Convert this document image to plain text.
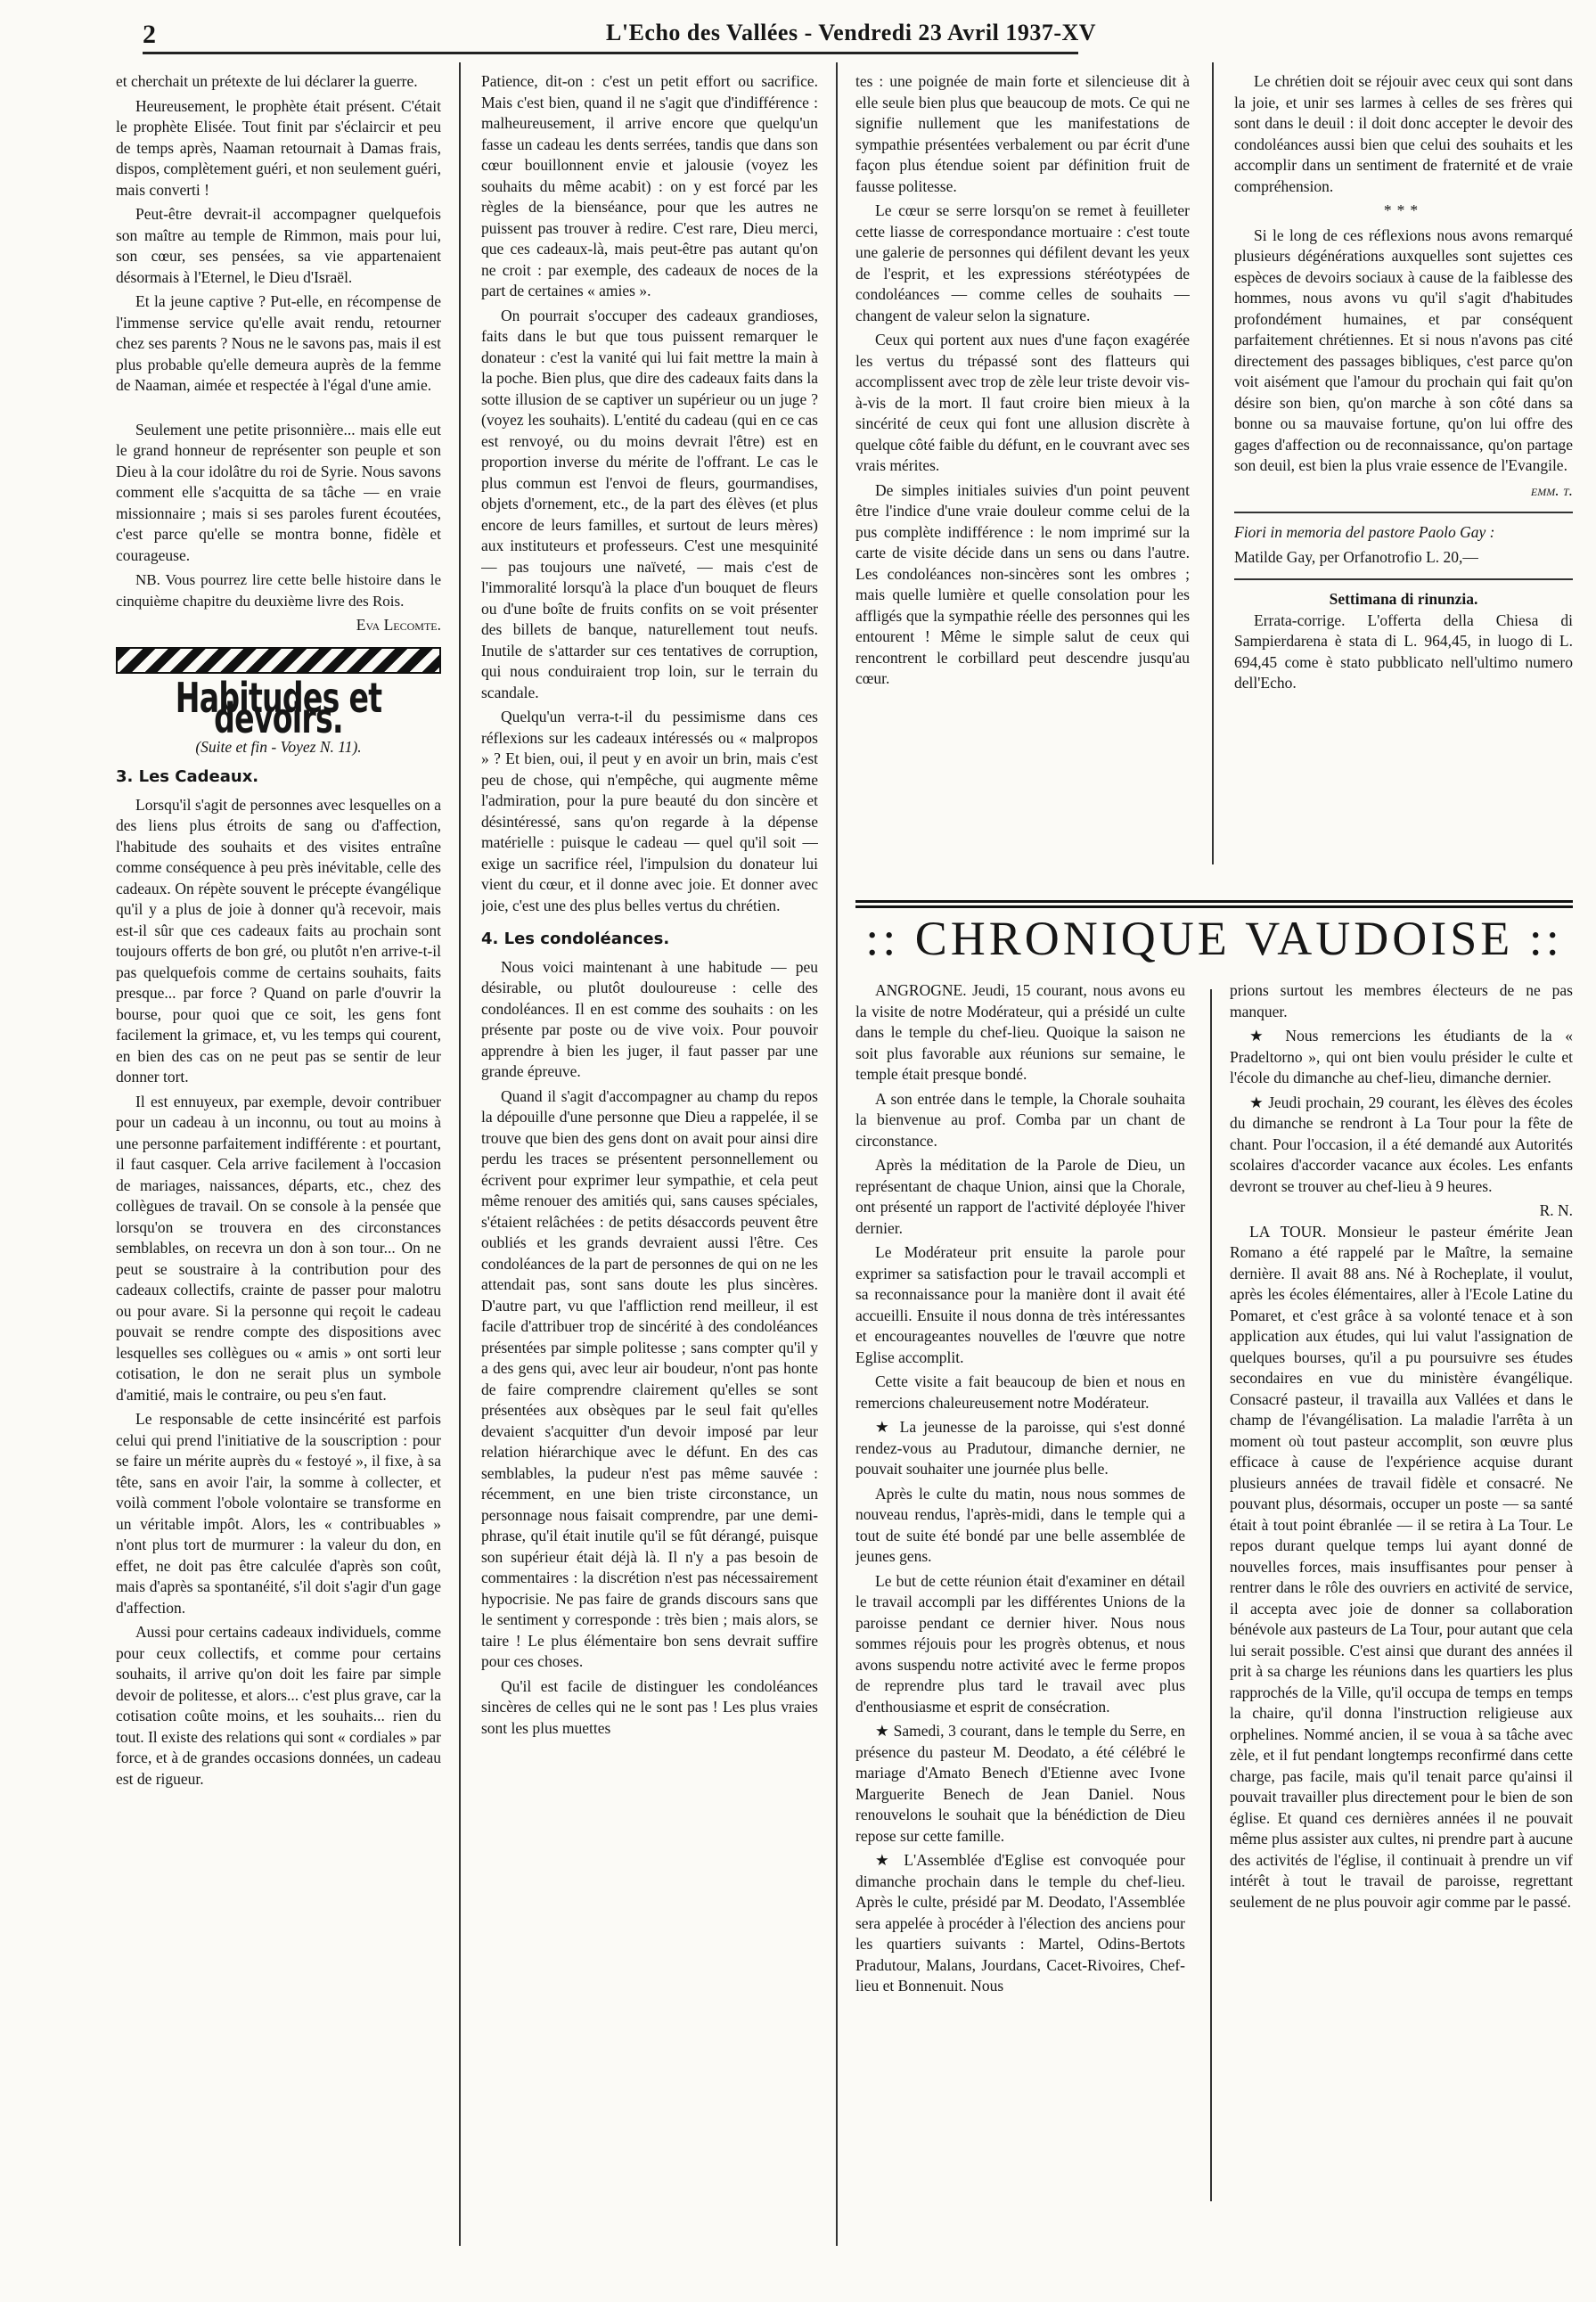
2	L'Echo des Vallées - Vendredi 23 Avril 1937-XV

et cherchait un prétexte de lui déclarer la guerre.

Heureusement, le prophète était présent. C'était le prophète Elisée. Tout finit par s'éclaircir et peu de temps après, Naaman retournait à Damas frais, dispos, complètement guéri, et non seulement guéri, mais converti !

Peut-être devrait-il accompagner quelquefois son maître au temple de Rimmon, mais pour lui, son cœur, ses pensées, sa vie appartenaient désormais à l'Eternel, le Dieu d'Israël.

Et la jeune captive ? Put-elle, en récompense de l'immense service qu'elle avait rendu, retourner chez ses parents ? Nous ne le savons pas, mais il est plus probable qu'elle demeura auprès de la femme de Naaman, aimée et respectée à l'égal d'une amie.

Seulement une petite prisonnière... mais elle eut le grand honneur de représenter son peuple et son Dieu à la cour idolâtre du roi de Syrie. Nous savons comment elle s'acquitta de sa tâche — en vraie missionnaire ; mais si ses paroles furent écoutées, c'est parce qu'elle se montra bonne, fidèle et courageuse.

NB. Vous pourrez lire cette belle histoire dans le cinquième chapitre du deuxième livre des Rois.

Eva Lecomte.
Habitudes et devoirs.
(Suite et fin - Voyez N. 11).
3. Les Cadeaux.

Lorsqu'il s'agit de personnes avec lesquelles on a des liens plus étroits de sang ou d'affection, l'habitude des souhaits et des visites entraîne comme conséquence à peu près inévitable, celle des cadeaux. On répète souvent le précepte évangélique qu'il y a plus de joie à donner qu'à recevoir, mais est-il sûr que ces cadeaux faits au prochain sont toujours offerts de bon gré, ou plutôt n'en arrive-t-il pas quelquefois comme de certains souhaits, faits presque... par force ? Quand on parle d'ouvrir la bourse, pour quoi que ce soit, les gens font facilement la grimace, et, vu les temps qui courent, en bien des cas on ne peut pas se sentir de leur donner tort.

Il est ennuyeux, par exemple, devoir contribuer pour un cadeau à un inconnu, ou tout au moins à une personne parfaitement indifférente : et pourtant, il faut casquer. Cela arrive facilement à l'occasion de mariages, naissances, départs, etc., chez des collègues de travail. On se console à la pensée que lorsqu'on se trouvera en des circonstances semblables, on recevra un don à son tour... On ne peut se soustraire à la contribution pour des cadeaux collectifs, crainte de passer pour malotru ou pour avare. Si la personne qui reçoit le cadeau pouvait se rendre compte des dispositions avec lesquelles ses collègues ou « amis » ont sorti leur cotisation, le don ne serait plus un symbole d'amitié, mais le contraire, ou peu s'en faut.

Le responsable de cette insincérité est parfois celui qui prend l'initiative de la souscription : pour se faire un mérite auprès du « festoyé », il fixe, à sa tête, sans en avoir l'air, la somme à collecter, et voilà comment l'obole volontaire se transforme en un véritable impôt. Alors, les « contribuables » n'ont plus tort de murmurer : la valeur du don, en effet, ne doit pas être calculée d'après son coût, mais d'après sa spontanéité, s'il doit s'agir d'un gage d'affection.

Aussi pour certains cadeaux individuels, comme pour ceux collectifs, et comme pour certains souhaits, il arrive qu'on doit les faire par simple devoir de politesse, et alors... c'est plus grave, car la cotisation coûte moins, et les souhaits... rien du tout. Il existe des relations qui sont « cordiales » par force, et à de grandes occasions données, un cadeau est de rigueur.

Patience, dit-on : c'est un petit effort ou sacrifice. Mais c'est bien, quand il ne s'agit que d'indifférence : malheureusement, il arrive encore que quelqu'un fasse un cadeau les dents serrées, tandis que dans son cœur bouillonnent envie et jalousie (voyez les souhaits du même acabit) : on y est forcé par les règles de la bienséance, pour que les autres ne puissent pas trouver à redire. C'est rare, Dieu merci, que ces cadeaux-là, mais peut-être pas autant qu'on ne croit : par exemple, des cadeaux de noces de la part de certaines « amies ».

On pourrait s'occuper des cadeaux grandioses, faits dans le but que tous puissent remarquer le donateur : c'est la vanité qui lui fait mettre la main à la poche. Bien plus, que dire des cadeaux faits dans la sotte illusion de se captiver un supérieur ou un juge ? (voyez les souhaits). L'entité du cadeau (qui en ce cas est renvoyé, ou du moins devrait l'être) est en proportion inverse du mérite de l'offrant. Le cas le plus commun est l'envoi de fleurs, gourmandises, objets d'ornement, etc., de la part des élèves (et plus encore de leurs familles, et surtout de leurs mères) aux instituteurs et professeurs. C'est une mesquinité — pas toujours une naïveté, — mais c'est de l'immoralité lorsqu'à la place d'un bouquet de fleurs ou d'une boîte de fruits confits on se voit présenter des billets de banque, naturellement tout neufs. Inutile de s'attarder sur ces tentatives de corruption, qui nous conduiraient trop loin, sur le terrain du scandale.

Quelqu'un verra-t-il du pessimisme dans ces réflexions sur les cadeaux intéressés ou « malpropos » ? Et bien, oui, il peut y en avoir un brin, mais c'est peu de chose, qui n'empêche, qui augmente même l'admiration, pour la pure beauté du don sincère et désintéressé, sans qu'on regarde à la dépense matérielle : puisque le cadeau — quel qu'il soit — exige un sacrifice réel, l'impulsion du donateur lui vient du cœur, et il donne avec joie. Et donner avec joie, c'est une des plus belles vertus du chrétien.

4. Les condoléances.

Nous voici maintenant à une habitude — peu désirable, ou plutôt douloureuse : celle des condoléances. Il en est comme des souhaits : on les présente par poste ou de vive voix. Pour pouvoir apprendre à bien les juger, il faut passer par une grande épreuve.

Quand il s'agit d'accompagner au champ du repos la dépouille d'une personne que Dieu a rappelée, il se trouve que bien des gens dont on avait pour ainsi dire perdu les traces se présentent personnellement ou écrivent pour exprimer leur sympathie, et cela peut même renouer des amitiés qui, sans causes spéciales, s'étaient relâchées : de petits désaccords peuvent être oubliés et les grands devraient aussi l'être. Ces condoléances de la part de personnes de qui on ne les attendait pas, sont sans doute les plus sincères. D'autre part, vu que l'affliction rend meilleur, il est facile d'attribuer trop de sincérité à des condoléances présentées par simple politesse ; sans compter qu'il y a des gens qui, avec leur air boudeur, n'ont pas honte de faire comprendre clairement qu'elles se sont présentées aux obsèques par le seul fait qu'elles devaient s'acquitter d'un devoir imposé par leur relation hiérarchique avec le défunt. En des cas semblables, la pudeur n'est pas même sauvée : récemment, en une bien triste circonstance, un personnage nous faisait comprendre, par une demi-phrase, qu'il était inutile qu'il se fût dérangé, puisque son supérieur était déjà là. Il n'y a pas besoin de commentaires : la discrétion n'est pas nécessairement hypocrisie. Ne pas faire de grands discours sans que le sentiment y corresponde : très bien ; mais alors, se taire ! Le plus élémentaire bon sens devrait suffire pour ces choses.

Qu'il est facile de distinguer les condoléances sincères de celles qui ne le sont pas ! Les plus vraies sont les plus muettes

tes : une poignée de main forte et silencieuse dit à elle seule bien plus que beaucoup de mots. Ce qui ne signifie nullement que les manifestations de sympathie présentées verbalement ou par écrit d'une façon plus étendue soient par définition fruit de fausse politesse.

Le cœur se serre lorsqu'on se remet à feuilleter cette liasse de correspondance mortuaire : c'est toute une galerie de personnes qui défilent devant les yeux de l'esprit, et les expressions stéréotypées de condoléances — comme celles de souhaits — changent de valeur selon la signature.

Ceux qui portent aux nues d'une façon exagérée les vertus du trépassé sont des flatteurs qui accomplissent avec trop de zèle leur triste devoir vis-à-vis de la mort. Il faut croire bien mieux à la sincérité de ceux qui font une allusion discrète à quelque côté faible du défunt, en le couvrant avec ses vrais mérites.

De simples initiales suivies d'un point peuvent être l'indice d'une vraie douleur comme celui de la pus complète indifférence : le nom imprimé sur la carte de visite décide dans un sens ou dans l'autre. Les condoléances non-sincères sont les ombres ; mais quelle lumière et quelle consolation pour les affligés que la sympathie réelle des personnes qui les entourent ! Même le simple salut de ceux qui rencontrent le corbillard peut descendre jusqu'au cœur.

Le chrétien doit se réjouir avec ceux qui sont dans la joie, et unir ses larmes à celles de ses frères qui sont dans le deuil : il doit donc accepter le devoir des condoléances aussi bien que celui des souhaits et les accomplir dans un sentiment de fraternité et de vraie compréhension.

***

Si le long de ces réflexions nous avons remarqué plusieurs dégénérations auxquelles sont sujettes ces espèces de devoirs sociaux à cause de la faiblesse des hommes, nous avons vu qu'il s'agit d'habitudes profondément humaines, et par conséquent parfaitement chrétiennes. Et si nous n'avons pas cité directement des passages bibliques, c'est parce qu'on voit aisément que l'amour du prochain qui fait qu'on désire son bien, qu'on marche à son côté dans sa bonne ou sa mauvaise fortune, qu'on lui offre des gages d'affection ou de reconnaissance, qu'on partage son deuil, est bien la plus vraie essence de l'Evangile.

emm. t.

Fiori in memoria del pastore Paolo Gay :

Matilde Gay, per Orfanotrofio L. 20,—

Settimana di rinunzia.

Errata-corrige. L'offerta della Chiesa di Sampierdarena è stata di L. 964,45, in luogo di L. 694,45 come è stato pubblicato nell'ultimo numero dell'Echo.

:: CHRONIQUE VAUDOISE ::

ANGROGNE. Jeudi, 15 courant, nous avons eu la visite de notre Modérateur, qui a présidé un culte dans le temple du chef-lieu. Quoique la saison ne soit plus favorable aux réunions sur semaine, le temple était presque bondé.

A son entrée dans le temple, la Chorale souhaita la bienvenue au prof. Comba par un chant de circonstance.

Après la méditation de la Parole de Dieu, un représentant de chaque Union, ainsi que la Chorale, ont présenté un rapport de l'activité déployée l'hiver dernier.

Le Modérateur prit ensuite la parole pour exprimer sa satisfaction pour le travail accompli et sa reconnaissance pour la manière dont il avait été accueilli. Ensuite il nous donna de très intéressantes et encourageantes nouvelles de l'œuvre que notre Eglise accomplit.

Cette visite a fait beaucoup de bien et nous en remercions chaleureusement notre Modérateur.

★ La jeunesse de la paroisse, qui s'est donné rendez-vous au Pradutour, dimanche dernier, ne pouvait souhaiter une journée plus belle.

Après le culte du matin, nous nous sommes de nouveau rendus, l'après-midi, dans le temple qui a tout de suite été bondé par une belle assemblée de jeunes gens.

Le but de cette réunion était d'examiner en détail le travail accompli par les différentes Unions de la paroisse pendant ce dernier hiver. Nous nous sommes réjouis pour les progrès obtenus, et nous avons suspendu notre activité avec le ferme propos de reprendre plus tard le travail avec plus d'enthousiasme et esprit de consécration.

★ Samedi, 3 courant, dans le temple du Serre, en présence du pasteur M. Deodato, a été célébré le mariage d'Amato Benech d'Etienne avec Ivone Marguerite Benech de Jean Daniel. Nous renouvelons le souhait que la bénédiction de Dieu repose sur cette famille.

★ L'Assemblée d'Eglise est convoquée pour dimanche prochain dans le temple du chef-lieu. Après le culte, présidé par M. Deodato, l'Assemblée sera appelée à procéder à l'élection des anciens pour les quartiers suivants : Martel, Odins-Bertots Pradutour, Malans, Jourdans, Cacet-Rivoires, Chef-lieu et Bonnenuit. Nous

prions surtout les membres électeurs de ne pas manquer.

★ Nous remercions les étudiants de la « Pradeltorno », qui ont bien voulu présider le culte et l'école du dimanche au chef-lieu, dimanche dernier.

★ Jeudi prochain, 29 courant, les élèves des écoles du dimanche se rendront à La Tour pour la fête de chant. Pour l'occasion, il a été demandé aux Autorités scolaires d'accorder vacance aux écoles. Les enfants devront se trouver au chef-lieu à 9 heures.

R. N.

LA TOUR. Monsieur le pasteur émérite Jean Romano a été rappelé par le Maître, la semaine dernière. Il avait 88 ans. Né à Rocheplate, il voulut, après les écoles élémentaires, aller à l'Ecole Latine du Pomaret, et c'est grâce à sa volonté tenace et à son application aux études, qui lui valut l'assignation de quelques bourses, qu'il a pu poursuivre ses études secondaires en vue du ministère évangélique. Consacré pasteur, il travailla aux Vallées et dans le champ de l'évangélisation. La maladie l'arrêta à un moment où tout pasteur accomplit, son œuvre plus efficace à cause de l'expérience acquise durant plusieurs années de travail fidèle et consacré. Ne pouvant plus, désormais, occuper un poste — sa santé était à tout point ébranlée — il se retira à La Tour. Le repos durant quelque temps lui ayant donné de nouvelles forces, mais insuffisantes pour penser à rentrer dans le rôle des ouvriers en activité de service, il accepta avec joie de donner sa collaboration bénévole aux pasteurs de La Tour, pour autant que cela lui serait possible. C'est ainsi que durant des années il prit à sa charge les réunions dans les quartiers les plus rapprochés de la Ville, qu'il occupa de temps en temps la chaire, qu'il donna l'instruction religieuse aux orphelines. Nommé ancien, il se voua à sa tâche avec zèle, et il fut pendant longtemps reconfirmé dans cette charge, pas facile, mais qu'il tenait parce qu'ainsi il pouvait travailler plus directement pour le bien de son église. Et quand ces dernières années il ne pouvait même plus assister aux cultes, ni prendre part à aucune des activités de l'église, il continuait à prendre un vif intérêt à tout le travail de paroisse, regrettant seulement de ne plus pouvoir agir comme par le passé.
